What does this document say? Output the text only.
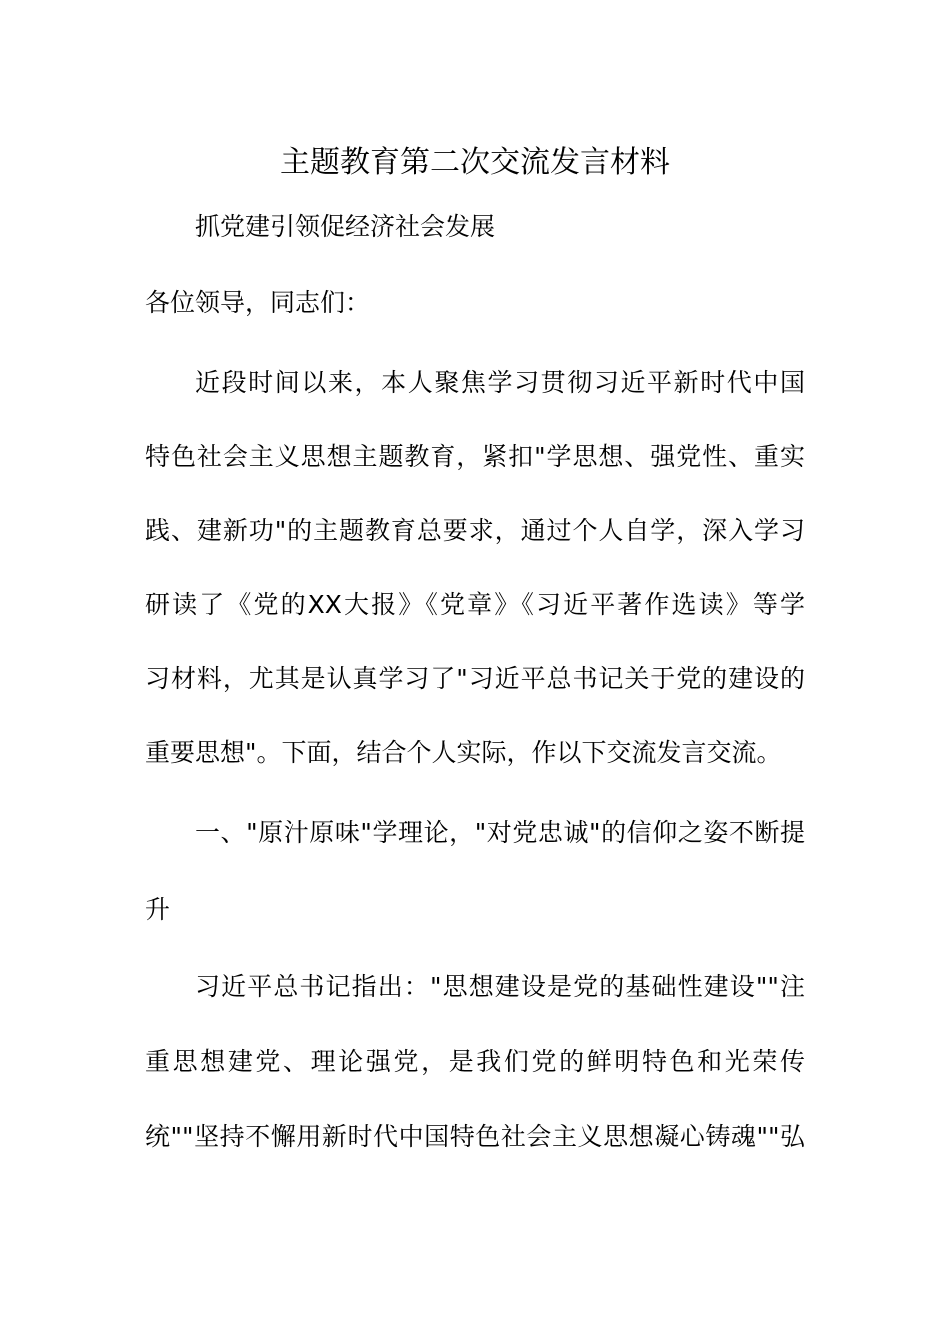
主题教育第二次交流发言材料
抓党建引领促经济社会发展
各位领导，同志们：
近段时间以来，本人聚焦学习贯彻习近平新时代中国
特色社会主义思想主题教育，紧扣"学思想、强党性、重实
践、建新功"的主题教育总要求，通过个人自学，深入学习
研读了《党的XX大报》《党章》《习近平著作选读》等学
习材料，尤其是认真学习了"习近平总书记关于党的建设的
重要思想"。下面，结合个人实际，作以下交流发言交流。
一、"原汁原味"学理论，"对党忠诚"的信仰之姿不断提
升
习近平总书记指出："思想建设是党的基础性建设""注
重思想建党、理论强党，是我们党的鲜明特色和光荣传
统""坚持不懈用新时代中国特色社会主义思想凝心铸魂""弘
